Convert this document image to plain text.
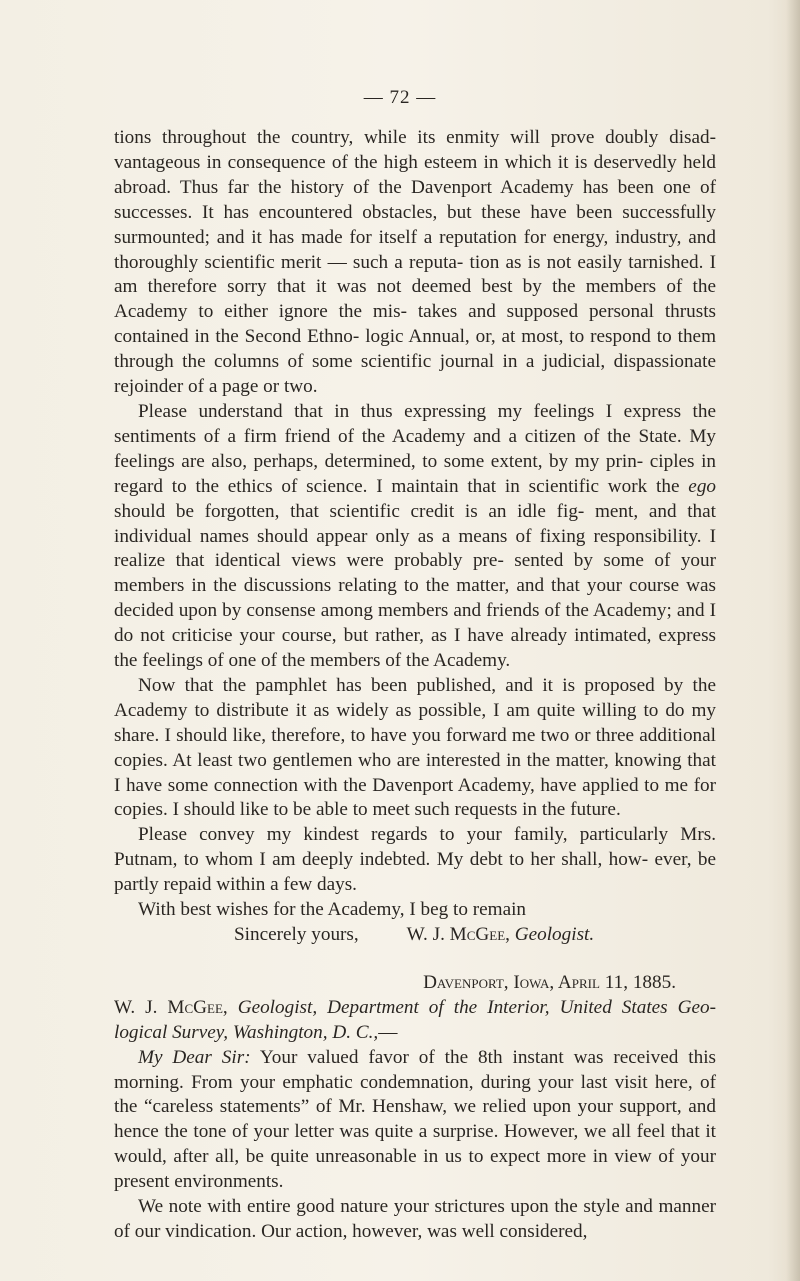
— 72 —

tions throughout the country, while its enmity will prove doubly disad- vantageous in consequence of the high esteem in which it is deservedly held abroad. Thus far the history of the Davenport Academy has been one of successes. It has encountered obstacles, but these have been successfully surmounted; and it has made for itself a reputation for energy, industry, and thoroughly scientific merit — such a reputa- tion as is not easily tarnished. I am therefore sorry that it was not deemed best by the members of the Academy to either ignore the mis- takes and supposed personal thrusts contained in the Second Ethno- logic Annual, or, at most, to respond to them through the columns of some scientific journal in a judicial, dispassionate rejoinder of a page or two.

Please understand that in thus expressing my feelings I express the sentiments of a firm friend of the Academy and a citizen of the State. My feelings are also, perhaps, determined, to some extent, by my prin- ciples in regard to the ethics of science. I maintain that in scientific work the ego should be forgotten, that scientific credit is an idle fig- ment, and that individual names should appear only as a means of fixing responsibility. I realize that identical views were probably pre- sented by some of your members in the discussions relating to the matter, and that your course was decided upon by consense among members and friends of the Academy; and I do not criticise your course, but rather, as I have already intimated, express the feelings of one of the members of the Academy.

Now that the pamphlet has been published, and it is proposed by the Academy to distribute it as widely as possible, I am quite willing to do my share. I should like, therefore, to have you forward me two or three additional copies. At least two gentlemen who are interested in the matter, knowing that I have some connection with the Davenport Academy, have applied to me for copies. I should like to be able to meet such requests in the future.

Please convey my kindest regards to your family, particularly Mrs. Putnam, to whom I am deeply indebted. My debt to her shall, how- ever, be partly repaid within a few days.

With best wishes for the Academy, I beg to remain

Sincerely yours, W. J. McGee, Geologist.

Davenport, Iowa, April 11, 1885.

W. J. McGee, Geologist, Department of the Interior, United States Geo- logical Survey, Washington, D. C.,—

My Dear Sir: Your valued favor of the 8th instant was received this morning. From your emphatic condemnation, during your last visit here, of the “careless statements” of Mr. Henshaw, we relied upon your support, and hence the tone of your letter was quite a surprise. However, we all feel that it would, after all, be quite unreasonable in us to expect more in view of your present environments.

We note with entire good nature your strictures upon the style and manner of our vindication. Our action, however, was well considered,
